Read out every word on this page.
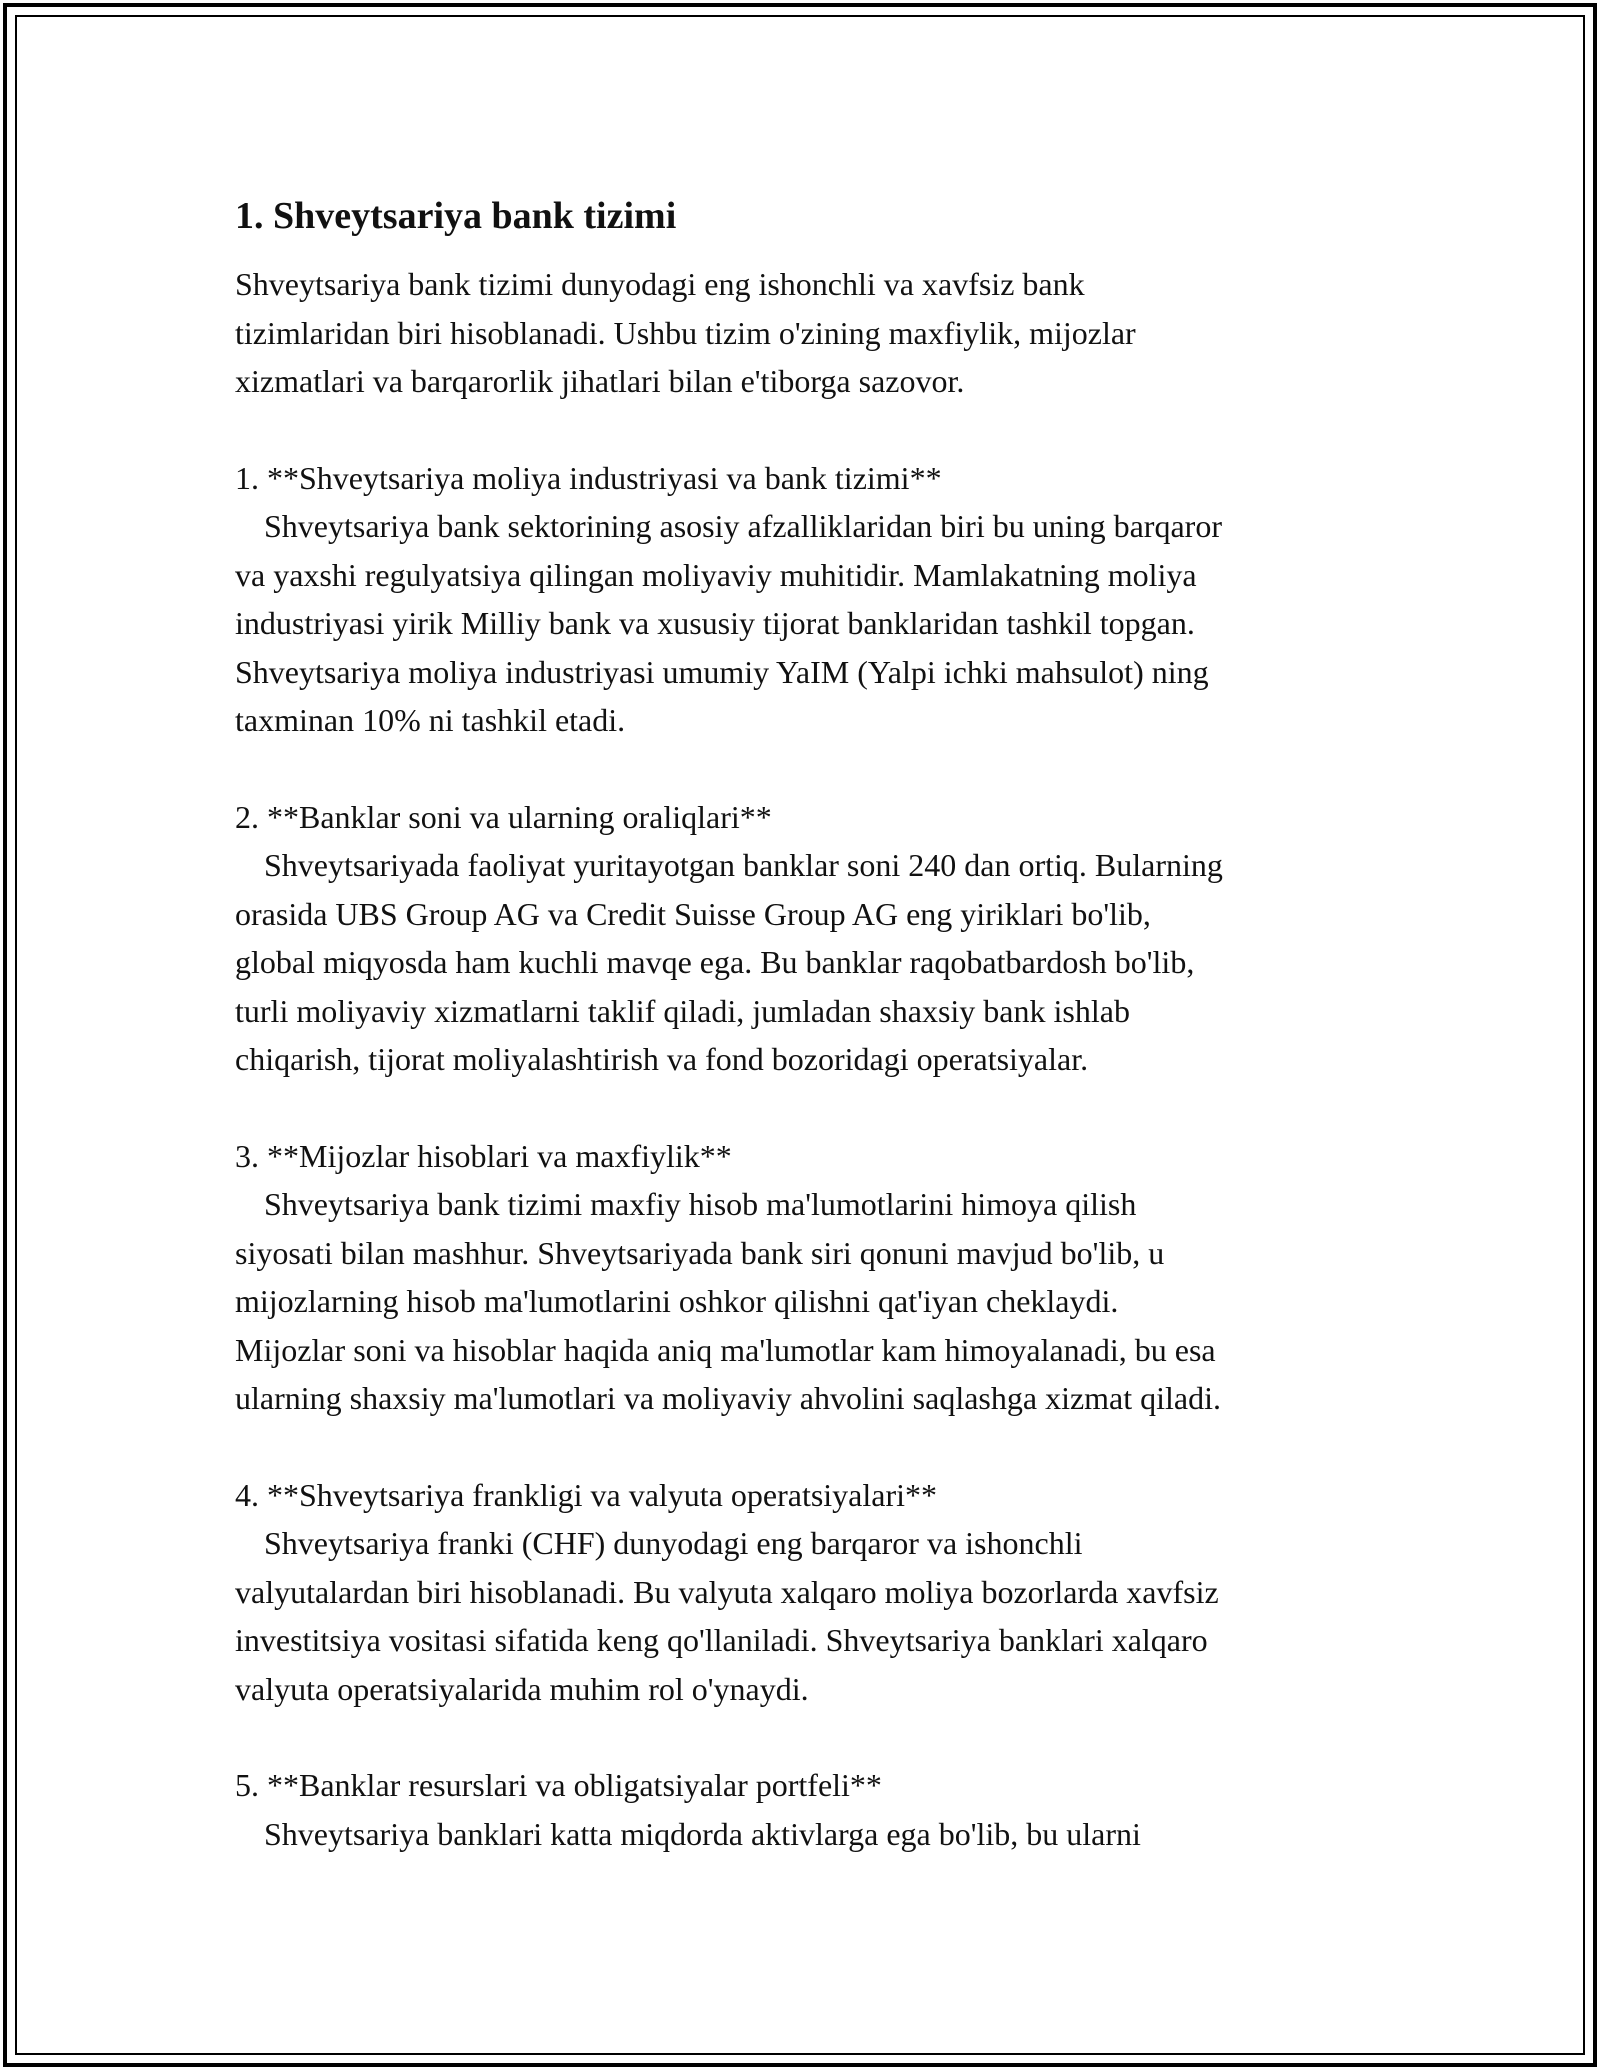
1. Shveytsariya bank tizimi

Shveytsariya bank tizimi dunyodagi eng ishonchli va xavfsiz bank
tizimlaridan biri hisoblanadi. Ushbu tizim o'zining maxfiylik, mijozlar
xizmatlari va barqarorlik jihatlari bilan e'tiborga sazovor.

1. **Shveytsariya moliya industriyasi va bank tizimi**

Shveytsariya bank sektorining asosiy afzalliklaridan biri bu uning barqaror
va yaxshi regulyatsiya qilingan moliyaviy muhitidir. Mamlakatning moliya
industriyasi yirik Milliy bank va xususiy tijorat banklaridan tashkil topgan.
Shveytsariya moliya industriyasi umumiy YaIM (Yalpi ichki mahsulot) ning
taxminan 10% ni tashkil etadi.

2. **Banklar soni va ularning oraliqlari**

Shveytsariyada faoliyat yuritayotgan banklar soni 240 dan ortiq. Bularning
orasida UBS Group AG va Credit Suisse Group AG eng yiriklari bo'lib,
global miqyosda ham kuchli mavqe ega. Bu banklar raqobatbardosh bo'lib,
turli moliyaviy xizmatlarni taklif qiladi, jumladan shaxsiy bank ishlab
chiqarish, tijorat moliyalashtirish va fond bozoridagi operatsiyalar.

3. **Mijozlar hisoblari va maxfiylik**

Shveytsariya bank tizimi maxfiy hisob ma'lumotlarini himoya qilish
siyosati bilan mashhur. Shveytsariyada bank siri qonuni mavjud bo'lib, u
mijozlarning hisob ma'lumotlarini oshkor qilishni qat'iyan cheklaydi.
Mijozlar soni va hisoblar haqida aniq ma'lumotlar kam himoyalanadi, bu esa
ularning shaxsiy ma'lumotlari va moliyaviy ahvolini saqlashga xizmat qiladi.

4. **Shveytsariya frankligi va valyuta operatsiyalari**

Shveytsariya franki (CHF) dunyodagi eng barqaror va ishonchli
valyutalardan biri hisoblanadi. Bu valyuta xalqaro moliya bozorlarda xavfsiz
investitsiya vositasi sifatida keng qo'llaniladi. Shveytsariya banklari xalqaro
valyuta operatsiyalarida muhim rol o'ynaydi.

5. **Banklar resurslari va obligatsiyalar portfeli**

Shveytsariya banklari katta miqdorda aktivlarga ega bo'lib, bu ularni
